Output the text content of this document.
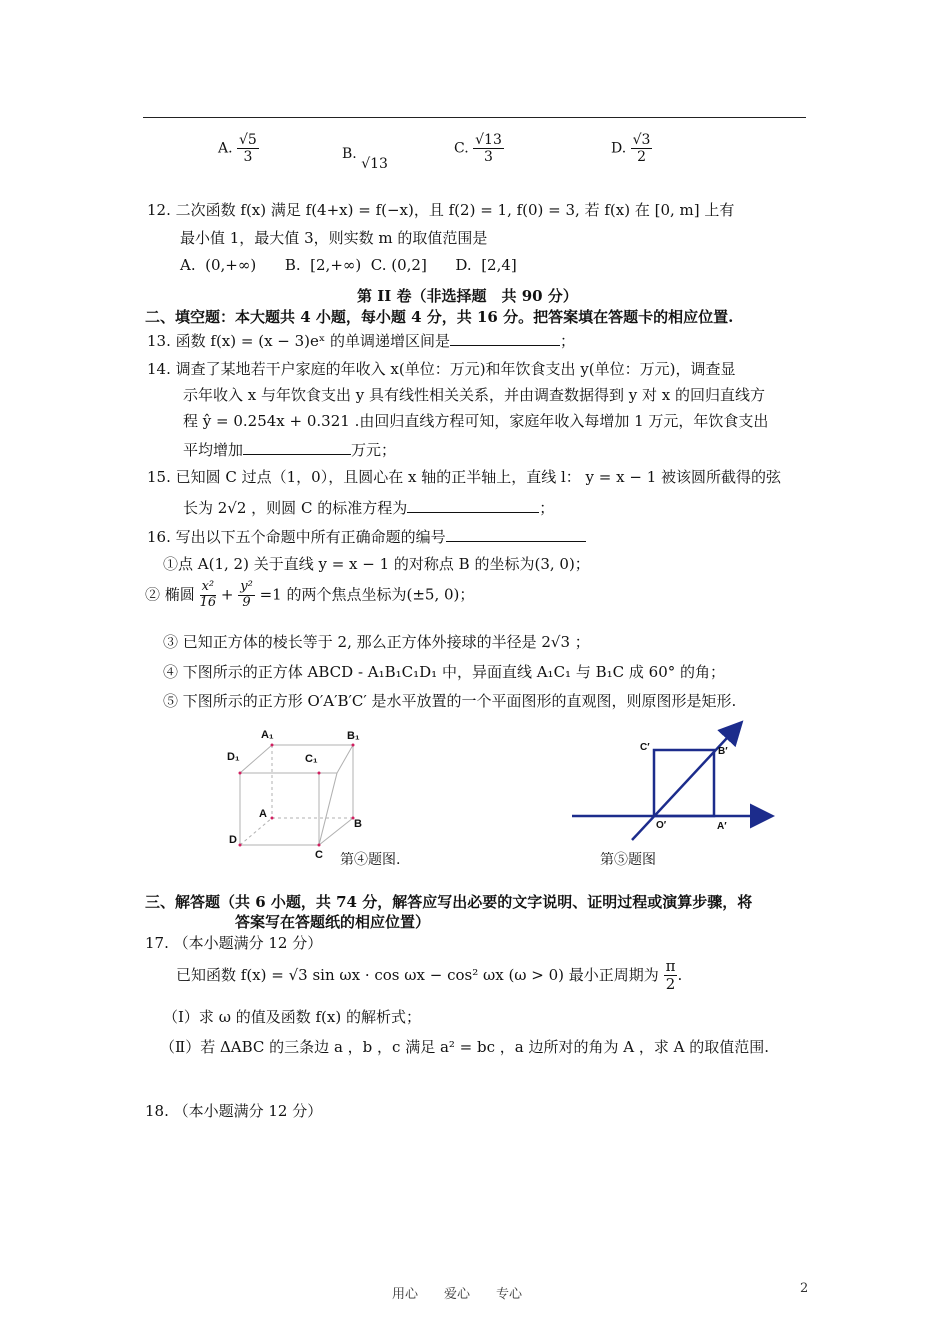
A. $\frac{√5}{3}$	B. √13
C. $\frac{√13}{3}$	D. $\frac{√3}{2}$
12. 二次函数 f(x) 满足 f(4+x) = f(−x)，且 f(2) = 1, f(0) = 3, 若 f(x) 在 [0, m] 上有
最小值 1，最大值 3，则实数 m 的取值范围是
A.  (0,+∞)      B.  [2,+∞)  C. (0,2]      D.  [2,4]
第 II 卷（非选择题　共 90 分）
二、填空题：本大题共 4 小题，每小题 4 分，共 16 分。把答案填在答题卡的相应位置.
13. 函数 f(x) = (x − 3)eˣ 的单调递增区间是	；
14. 调查了某地若干户家庭的年收入 x(单位：万元)和年饮食支出 y(单位：万元)，调查显
示年收入 x 与年饮食支出 y 具有线性相关关系，并由调查数据得到 y 对 x 的回归直线方
程 ŷ = 0.254x + 0.321 .由回归直线方程可知，家庭年收入每增加 1 万元，年饮食支出
平均增加	万元；
15. 已知圆 C 过点（1，0），且圆心在 x 轴的正半轴上，直线 l： y = x − 1 被该圆所截得的弦
长为 2√2 ，则圆 C 的标准方程为	；
16. 写出以下五个命题中所有正确命题的编号
①点 A(1, 2) 关于直线 y = x − 1 的对称点 B 的坐标为(3, 0)；
② 椭圆 $\frac{\text{x²}}{16} + \frac{\text{y²}}{9} =1$ 的两个焦点坐标为(±5, 0)；
③ 已知正方体的棱长等于 2, 那么正方体外接球的半径是 2√3 ；
④ 下图所示的正方体 ABCD - A₁B₁C₁D₁ 中，异面直线 A₁C₁ 与 B₁C 成 60° 的角；
⑤ 下图所示的正方形 O′A′B′C′ 是水平放置的一个平面图形的直观图，则原图形是矩形.
A₁	B₁
D₁	C₁
A
B
D
C 第④题图.
C′	B′
O′	A′
第⑤题图
三、解答题（共 6 小题，共 74 分，解答应写出必要的文字说明、证明过程或演算步骤，将
答案写在答题纸的相应位置）
17. （本小题满分 12 分）
已知函数 f(x) = √3 sin ωx · cos ωx − cos² ωx (ω > 0) 最小正周期为 $\frac{\pi}{2}$ .
（Ⅰ）求 ω 的值及函数 f(x) 的解析式；
（Ⅱ）若 ΔABC 的三条边 a ，b ，c 满足 a² = bc ，a 边所对的角为 A ，求 A 的取值范围.
18. （本小题满分 12 分）
用心　　爱心　　专心	2
